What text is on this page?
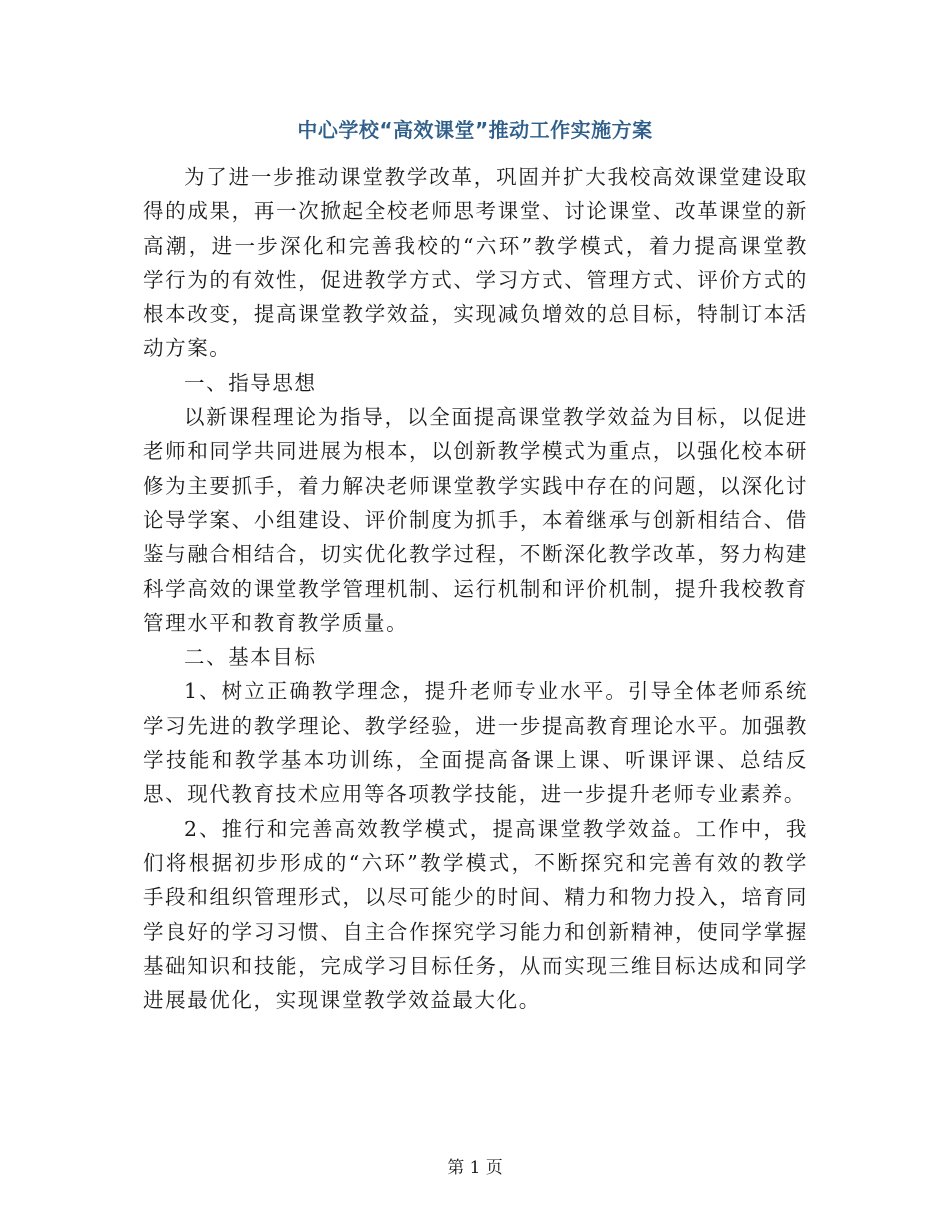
中心学校“高效课堂”推动工作实施方案

为了进一步推动课堂教学改革，巩固并扩大我校高效课堂建设取得的成果，再一次掀起全校老师思考课堂、讨论课堂、改革课堂的新高潮，进一步深化和完善我校的“六环”教学模式，着力提高课堂教学行为的有效性，促进教学方式、学习方式、管理方式、评价方式的根本改变，提高课堂教学效益，实现减负增效的总目标，特制订本活动方案。

一、指导思想

以新课程理论为指导，以全面提高课堂教学效益为目标，以促进老师和同学共同进展为根本，以创新教学模式为重点，以强化校本研修为主要抓手，着力解决老师课堂教学实践中存在的问题，以深化讨论导学案、小组建设、评价制度为抓手，本着继承与创新相结合、借鉴与融合相结合，切实优化教学过程，不断深化教学改革，努力构建科学高效的课堂教学管理机制、运行机制和评价机制，提升我校教育管理水平和教育教学质量。

二、基本目标

1、树立正确教学理念，提升老师专业水平。引导全体老师系统学习先进的教学理论、教学经验，进一步提高教育理论水平。加强教学技能和教学基本功训练，全面提高备课上课、听课评课、总结反思、现代教育技术应用等各项教学技能，进一步提升老师专业素养。

2、推行和完善高效教学模式，提高课堂教学效益。工作中，我们将根据初步形成的“六环”教学模式，不断探究和完善有效的教学手段和组织管理形式，以尽可能少的时间、精力和物力投入，培育同学良好的学习习惯、自主合作探究学习能力和创新精神，使同学掌握基础知识和技能，完成学习目标任务，从而实现三维目标达成和同学进展最优化，实现课堂教学效益最大化。

第 1 页
